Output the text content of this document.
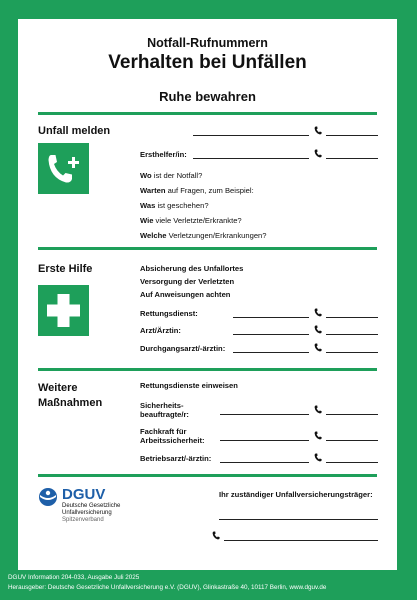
Notfall-Rufnummern
Verhalten bei Unfällen
Ruhe bewahren
Unfall melden
Ersthelfer/in:
Wo ist der Notfall?
Warten auf Fragen, zum Beispiel:
Was ist geschehen?
Wie viele Verletzte/Erkrankte?
Welche Verletzungen/Erkrankungen?
Erste Hilfe	Absicherung des Unfallortes
Versorgung der Verletzten
Auf Anweisungen achten
Rettungsdienst:
Arzt/Ärztin:
Durchgangsarzt/-ärztin:
Weitere
Maßnahmen
Rettungsdienste einweisen
Sicherheits-
beauftragte/r:
Fachkraft für
Arbeitssicherheit:
Betriebsarzt/-ärztin:
DGUV
Deutsche Gesetzliche
Unfallversicherung
Spitzenverband
Ihr zuständiger Unfallversicherungsträger:
DGUV Information 204-033, Ausgabe Juli 2025
Herausgeber: Deutsche Gesetzliche Unfallversicherung e.V. (DGUV), Glinkastraße 40, 10117 Berlin, www.dguv.de
